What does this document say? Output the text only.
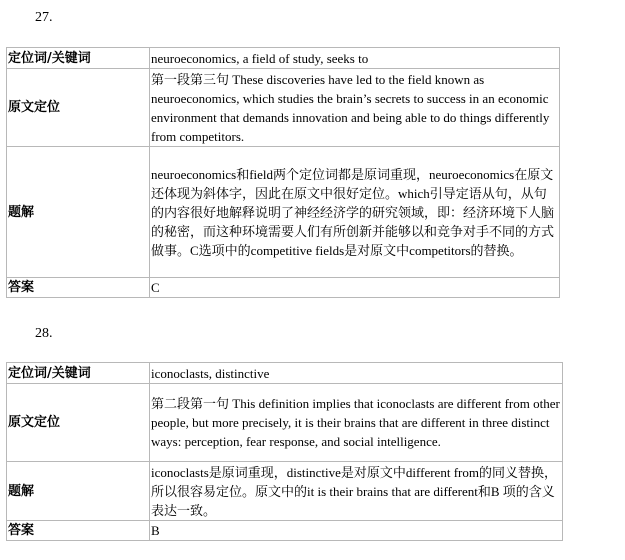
27.
定位词/关键词	neuroeconomics, a field of study, seeks to
原文定位	第一段第三句 These discoveries have led to the field known as neuroeconomics, which studies the brain’s secrets to success in an economic environment that demands innovation and being able to do things differently from competitors.
题解	neuroeconomics和field两个定位词都是原词重现，neuroeconomics在原文还体现为斜体字，因此在原文中很好定位。which引导定语从句，从句的内容很好地解释说明了神经经济学的研究领域，即：经济环境下人脑的秘密，而这种环境需要人们有所创新并能够以和竞争对手不同的方式做事。C选项中的competitive fields是对原文中competitors的替换。
答案	C
28.
定位词/关键词	iconoclasts, distinctive
原文定位	第二段第一句 This definition implies that iconoclasts are different from other people, but more precisely, it is their brains that are different in three distinct ways: perception, fear response, and social intelligence.
题解	iconoclasts是原词重现，distinctive是对原文中different from的同义替换，所以很容易定位。原文中的it is their brains that are different和B 项的含义表达一致。
答案	B
